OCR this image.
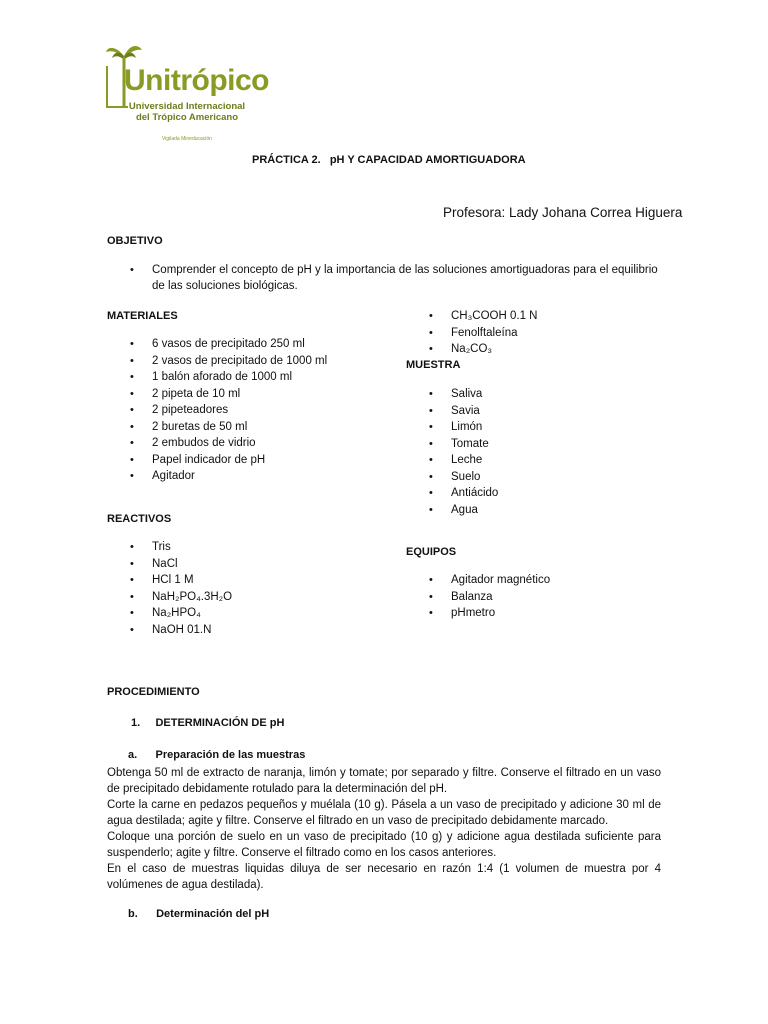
Unitrópico
Universidad Internacional
del Trópico Americano
Vigilada Mineducación
PRÁCTICA 2.   pH Y CAPACIDAD AMORTIGUADORA
Profesora: Lady Johana Correa Higuera
OBJETIVO
•	Comprender el concepto de pH y la importancia de las soluciones amortiguadoras para el equilibrio
de las soluciones biológicas.
MATERIALES
• 6 vasos de precipitado 250 ml
• 2 vasos de precipitado de 1000 ml
• 1 balón aforado de 1000 ml
• 2 pipeta de 10 ml
• 2 pipeteadores
• 2 buretas de 50 ml
• 2 embudos de vidrio
• Papel indicador de pH
• Agitador
REACTIVOS
• Tris
• NaCl
• HCl 1 M
• NaH₂PO₄.3H₂O
• Na₂HPO₄
• NaOH 01.N
• CH₃COOH 0.1 N
• Fenolftaleína
• Na₂CO₃
MUESTRA
• Saliva
• Savia
• Limón
• Tomate
• Leche
• Suelo
• Antiácido
• Agua
EQUIPOS
• Agitador magnético
• Balanza
• pHmetro
PROCEDIMIENTO
1.     DETERMINACIÓN DE pH
a.      Preparación de las muestras

Obtenga 50 ml de extracto de naranja, limón y tomate; por separado y filtre. Conserve el filtrado en un vaso de precipitado debidamente rotulado para la determinación del pH.

Corte la carne en pedazos pequeños y muélala (10 g). Pásela a un vaso de precipitado y adicione 30 ml de agua destilada; agite y filtre. Conserve el filtrado en un vaso de precipitado debidamente marcado.

Coloque una porción de suelo en un vaso de precipitado (10 g) y adicione agua destilada suficiente para suspenderlo; agite y filtre. Conserve el filtrado como en los casos anteriores.

En el caso de muestras liquidas diluya de ser necesario en razón 1:4 (1 volumen de muestra por 4 volúmenes de agua destilada).

b.      Determinación del pH
